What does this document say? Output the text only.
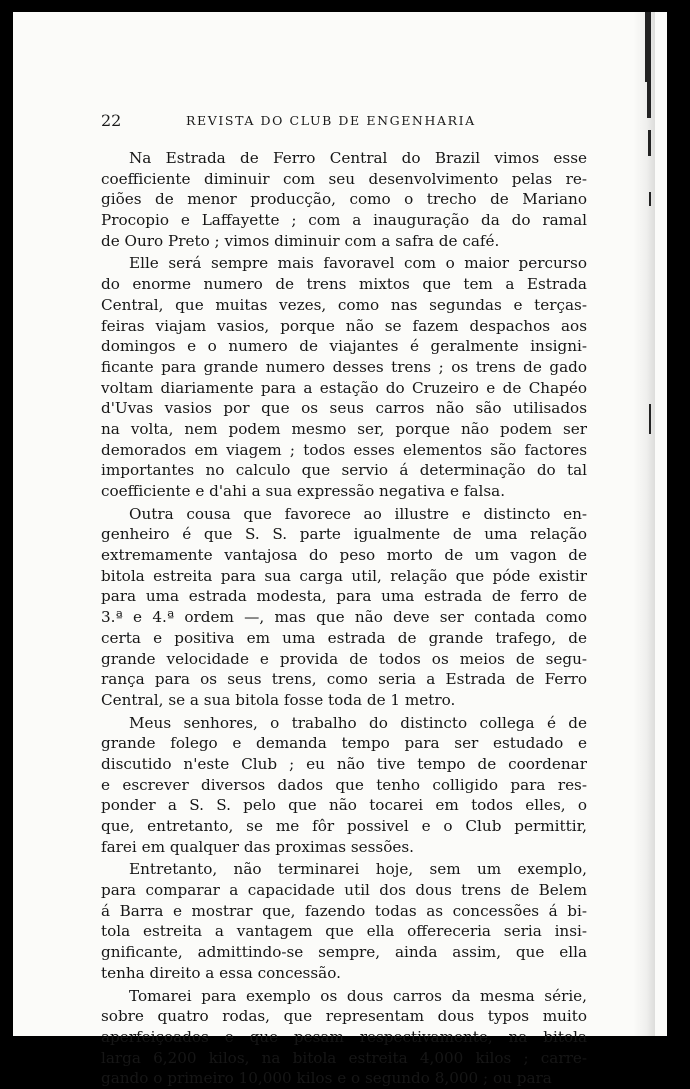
22	REVISTA DO CLUB DE ENGENHARIA
Na Estrada de Ferro Central do Brazil vimos esse
coefficiente diminuir com seu desenvolvimento pelas re-
giões de menor producção, como o trecho de Mariano
Procopio e Laffayette ; com a inauguração da do ramal
de Ouro Preto ; vimos diminuir com a safra de café.
Elle será sempre mais favoravel com o maior percurso
do enorme numero de trens mixtos que tem a Estrada
Central, que muitas vezes, como nas segundas e terças-
feiras viajam vasios, porque não se fazem despachos aos
domingos e o numero de viajantes é geralmente insigni-
ficante para grande numero desses trens ; os trens de gado
voltam diariamente para a estação do Cruzeiro e de Chapéo
d'Uvas vasios por que os seus carros não são utilisados
na volta, nem podem mesmo ser, porque não podem ser
demorados em viagem ; todos esses elementos são factores
importantes no calculo que servio á determinação do tal
coefficiente e d'ahi a sua expressão negativa e falsa.
Outra cousa que favorece ao illustre e distincto en-
genheiro é que S. S. parte igualmente de uma relação
extremamente vantajosa do peso morto de um vagon de
bitola estreita para sua carga util, relação que póde existir
para uma estrada modesta, para uma estrada de ferro de
3.ª e 4.ª ordem —, mas que não deve ser contada como
certa e positiva em uma estrada de grande trafego, de
grande velocidade e provida de todos os meios de segu-
rança para os seus trens, como seria a Estrada de Ferro
Central, se a sua bitola fosse toda de 1 metro.
Meus senhores, o trabalho do distincto collega é de
grande folego e demanda tempo para ser estudado e
discutido n'este Club ; eu não tive tempo de coordenar
e escrever diversos dados que tenho colligido para res-
ponder a S. S. pelo que não tocarei em todos elles, o
que, entretanto, se me fôr possivel e o Club permittir,
farei em qualquer das proximas sessões.
Entretanto, não terminarei hoje, sem um exemplo,
para comparar a capacidade util dos dous trens de Belem
á Barra e mostrar que, fazendo todas as concessões á bi-
tola estreita a vantagem que ella offereceria seria insi-
gnificante, admittindo-se sempre, ainda assim, que ella
tenha direito a essa concessão.
Tomarei para exemplo os dous carros da mesma série,
sobre quatro rodas, que representam dous typos muito
aperfeiçoados e que pesam respectivamente, na bitola
larga 6,200 kilos, na bitola estreita 4,000 kilos ; carre-
gando o primeiro 10,000 kilos e o segundo 8,000 ; ou para
